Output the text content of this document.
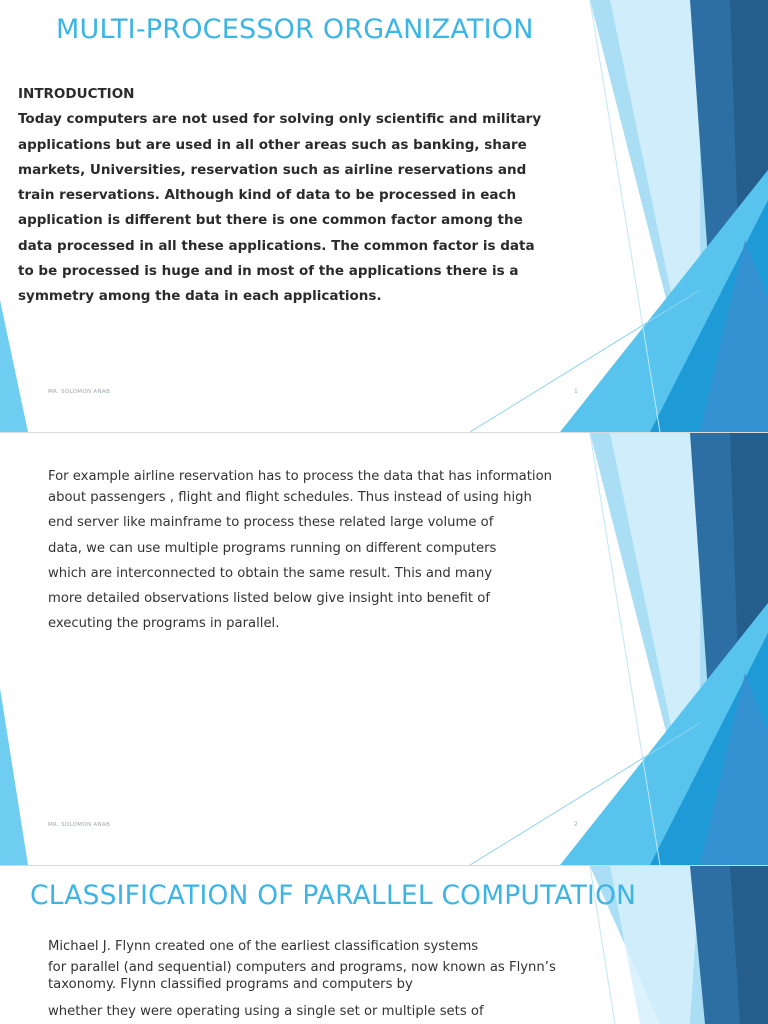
MULTI-PROCESSOR ORGANIZATION
INTRODUCTION
Today computers are not used for solving only scientific and military
applications but are used in all other areas such as banking, share
markets, Universities, reservation such as airline reservations and
train reservations. Although kind of data to be processed in each
application is different but there is one common factor among the
data processed in all these applications. The common factor is data
to be processed is huge and in most of the applications there is a
symmetry among the data in each applications.
MR. SOLOMON ANAB	1
For example airline reservation has to process the data that has information
about passengers , flight and flight schedules. Thus instead of using high
end server like mainframe to process these related large volume of
data, we can use multiple programs running on different computers
which are interconnected to obtain the same result. This and many
more detailed observations listed below give insight into benefit of
executing the programs in parallel.
MR. SOLOMON ANAB	2
CLASSIFICATION OF PARALLEL COMPUTATION
Michael J. Flynn created one of the earliest classification systems
for parallel (and sequential) computers and programs, now known as Flynn’s
taxonomy. Flynn classified programs and computers by
whether they were operating using a single set or multiple sets of
